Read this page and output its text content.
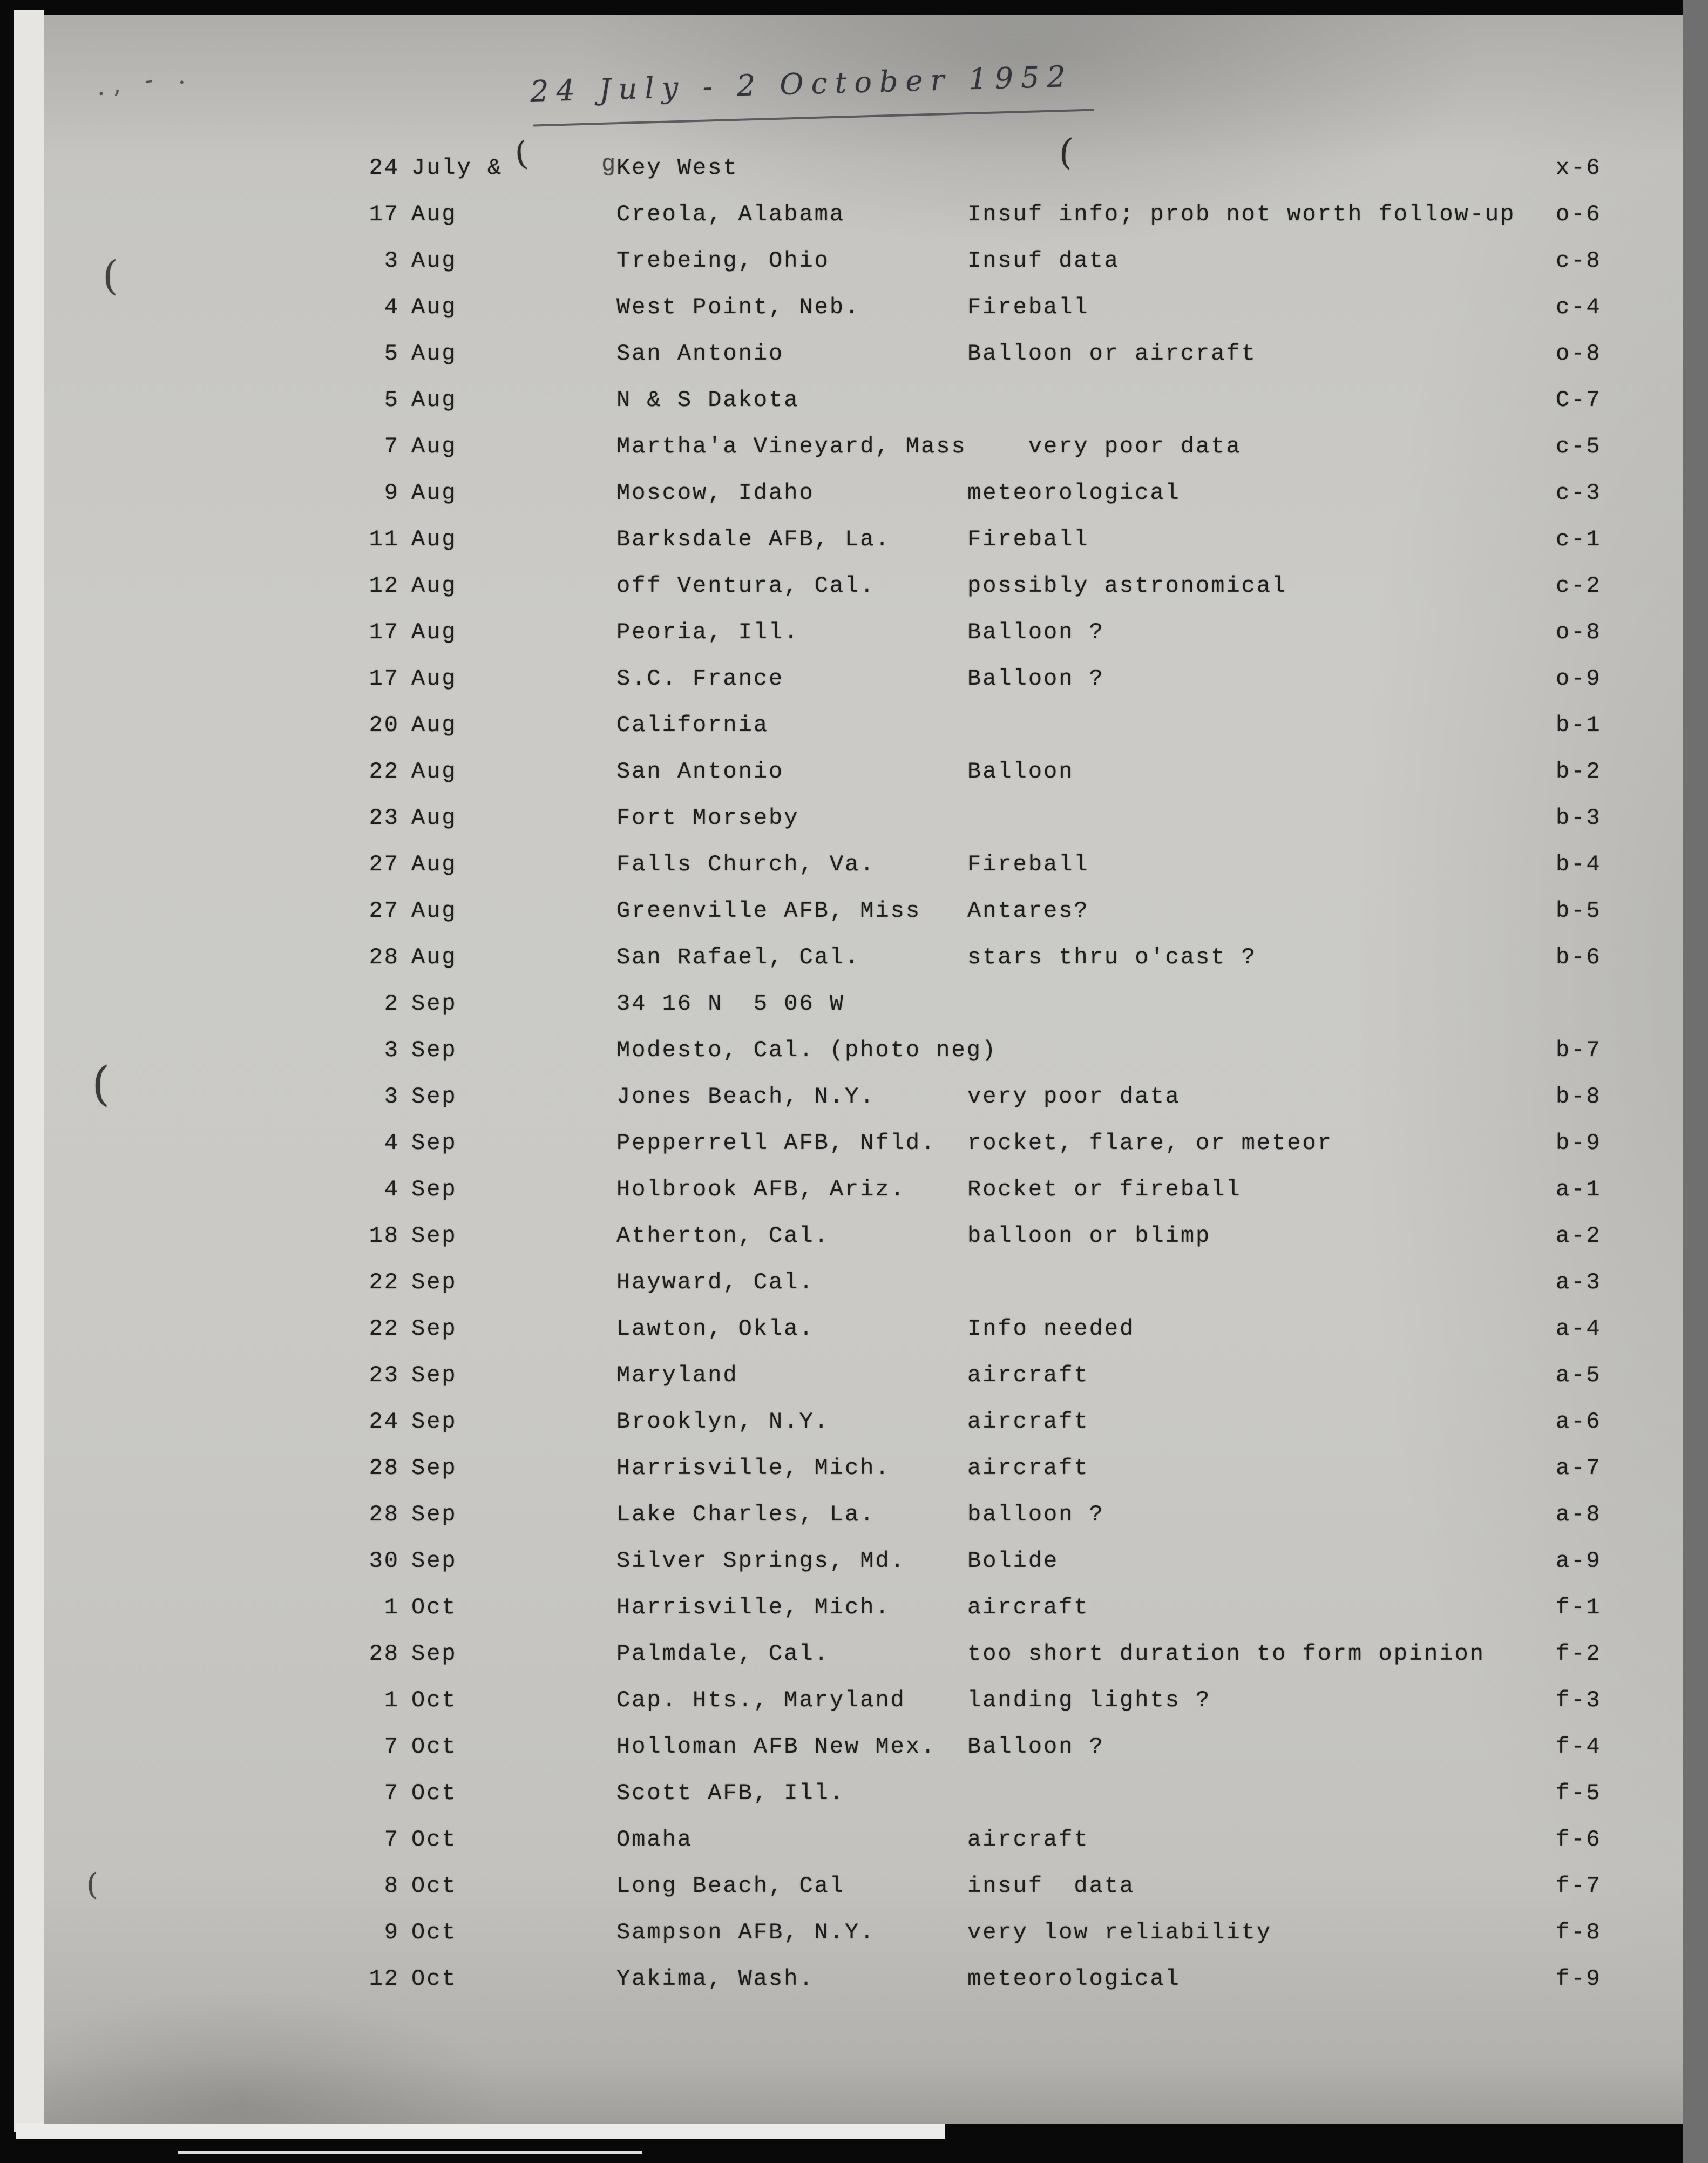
24 July - 2 October 1952
24 July &	Key West	x-6
17 Aug	Creola, Alabama	Insuf info; prob not worth follow-up	o-6
3 Aug	Trebeing, Ohio	Insuf data	c-8
4 Aug	West Point, Neb.	Fireball	c-4
5 Aug	San Antonio	Balloon or aircraft	o-8
5 Aug	N & S Dakota	C-7
7 Aug	Martha'a Vineyard, Mass very poor data	c-5
9 Aug	Moscow, Idaho	meteorological	c-3
11 Aug	Barksdale AFB, La.	Fireball	c-1
12 Aug	off Ventura, Cal.	possibly astronomical	c-2
17 Aug	Peoria, Ill.	Balloon ?	o-8
17 Aug	S.C. France	Balloon ?	o-9
20 Aug	California	b-1
22 Aug	San Antonio	Balloon	b-2
23 Aug	Fort Morseby	b-3
27 Aug	Falls Church, Va.	Fireball	b-4
27 Aug	Greenville AFB, Miss	Antares?	b-5
28 Aug	San Rafael, Cal.	stars thru o'cast ?	b-6
2 Sep	34 16 N  5 06 W
3 Sep	Modesto, Cal. (photo neg)	b-7
3 Sep	Jones Beach, N.Y.	very poor data	b-8
4 Sep	Pepperrell AFB, Nfld.	rocket, flare, or meteor	b-9
4 Sep	Holbrook AFB, Ariz.	Rocket or fireball	a-1
18 Sep	Atherton, Cal.	balloon or blimp	a-2
22 Sep	Hayward, Cal.	a-3
22 Sep	Lawton, Okla.	Info needed	a-4
23 Sep	Maryland	aircraft	a-5
24 Sep	Brooklyn, N.Y.	aircraft	a-6
28 Sep	Harrisville, Mich.	aircraft	a-7
28 Sep	Lake Charles, La.	balloon ?	a-8
30 Sep	Silver Springs, Md.	Bolide	a-9
1 Oct	Harrisville, Mich.	aircraft	f-1
28 Sep	Palmdale, Cal.	too short duration to form opinion	f-2
1 Oct	Cap. Hts., Maryland	landing lights ?	f-3
7 Oct	Holloman AFB New Mex.	Balloon ?	f-4
7 Oct	Scott AFB, Ill.	f-5
7 Oct	Omaha	aircraft	f-6
8 Oct	Long Beach, Cal	insuf  data	f-7
9 Oct	Sampson AFB, N.Y.	very low reliability	f-8
12 Oct	Yakima, Wash.	meteorological	f-9
(
(
(
(
(	g
., - .
